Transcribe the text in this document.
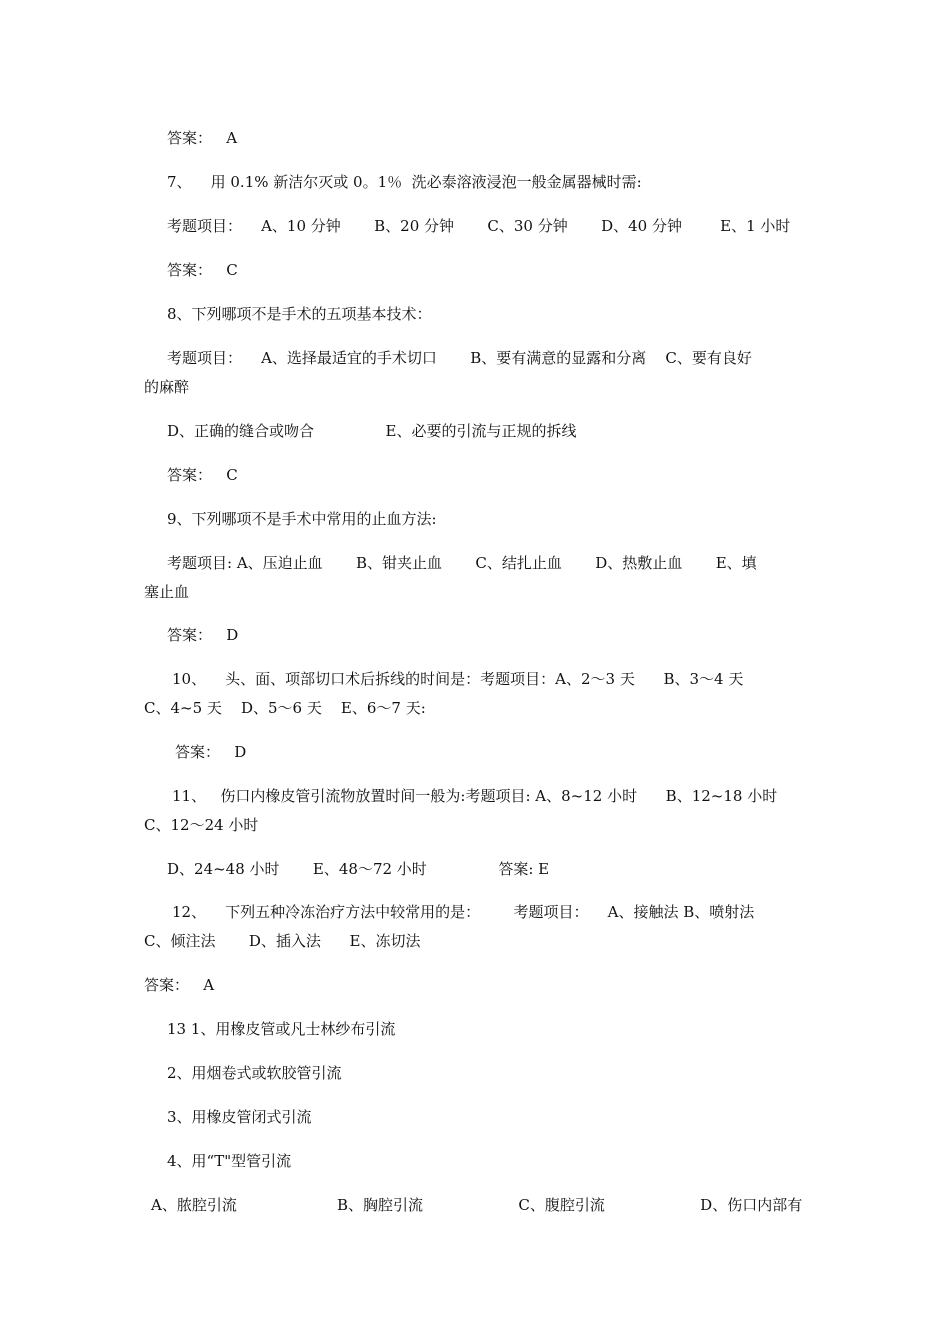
答案：   A
7、    用 0.1% 新洁尔灭或 0。1％  洗必泰溶液浸泡一般金属器械时需:
考题项目：    A、10 分钟       B、20 分钟       C、30 分钟       D、40 分钟        E、1 小时
答案：   C
8、下列哪项不是手术的五项基本技术：
考题项目：    A、选择最适宜的手术切口       B、要有满意的显露和分离    C、要有良好
的麻醉
D、正确的缝合或吻合               E、必要的引流与正规的拆线
答案：   C
9、下列哪项不是手术中常用的止血方法:
考题项目: A、压迫止血       B、钳夹止血       C、结扎止血       D、热敷止血       E、填
塞止血
答案：   D
10、    头、面、项部切口术后拆线的时间是：考题项目：A、2～3 天      B、3～4 天
C、4~5 天    D、5～6 天    E、6～7 天:
答案：   D
11、   伤口内橡皮管引流物放置时间一般为:考题项目: A、8~12 小时      B、12~18 小时
C、12～24 小时
D、24~48 小时       E、48～72 小时               答案: E
12、    下列五种冷冻治疗方法中较常用的是：       考题项目：    A、接触法 B、喷射法
C、倾注法       D、插入法      E、冻切法
答案：   A
13 1、用橡皮管或凡士林纱布引流
2、用烟卷式或软胶管引流
3、用橡皮管闭式引流
4、用“T"型管引流
A、脓腔引流                     B、胸腔引流                    C、腹腔引流                    D、伤口内部有
